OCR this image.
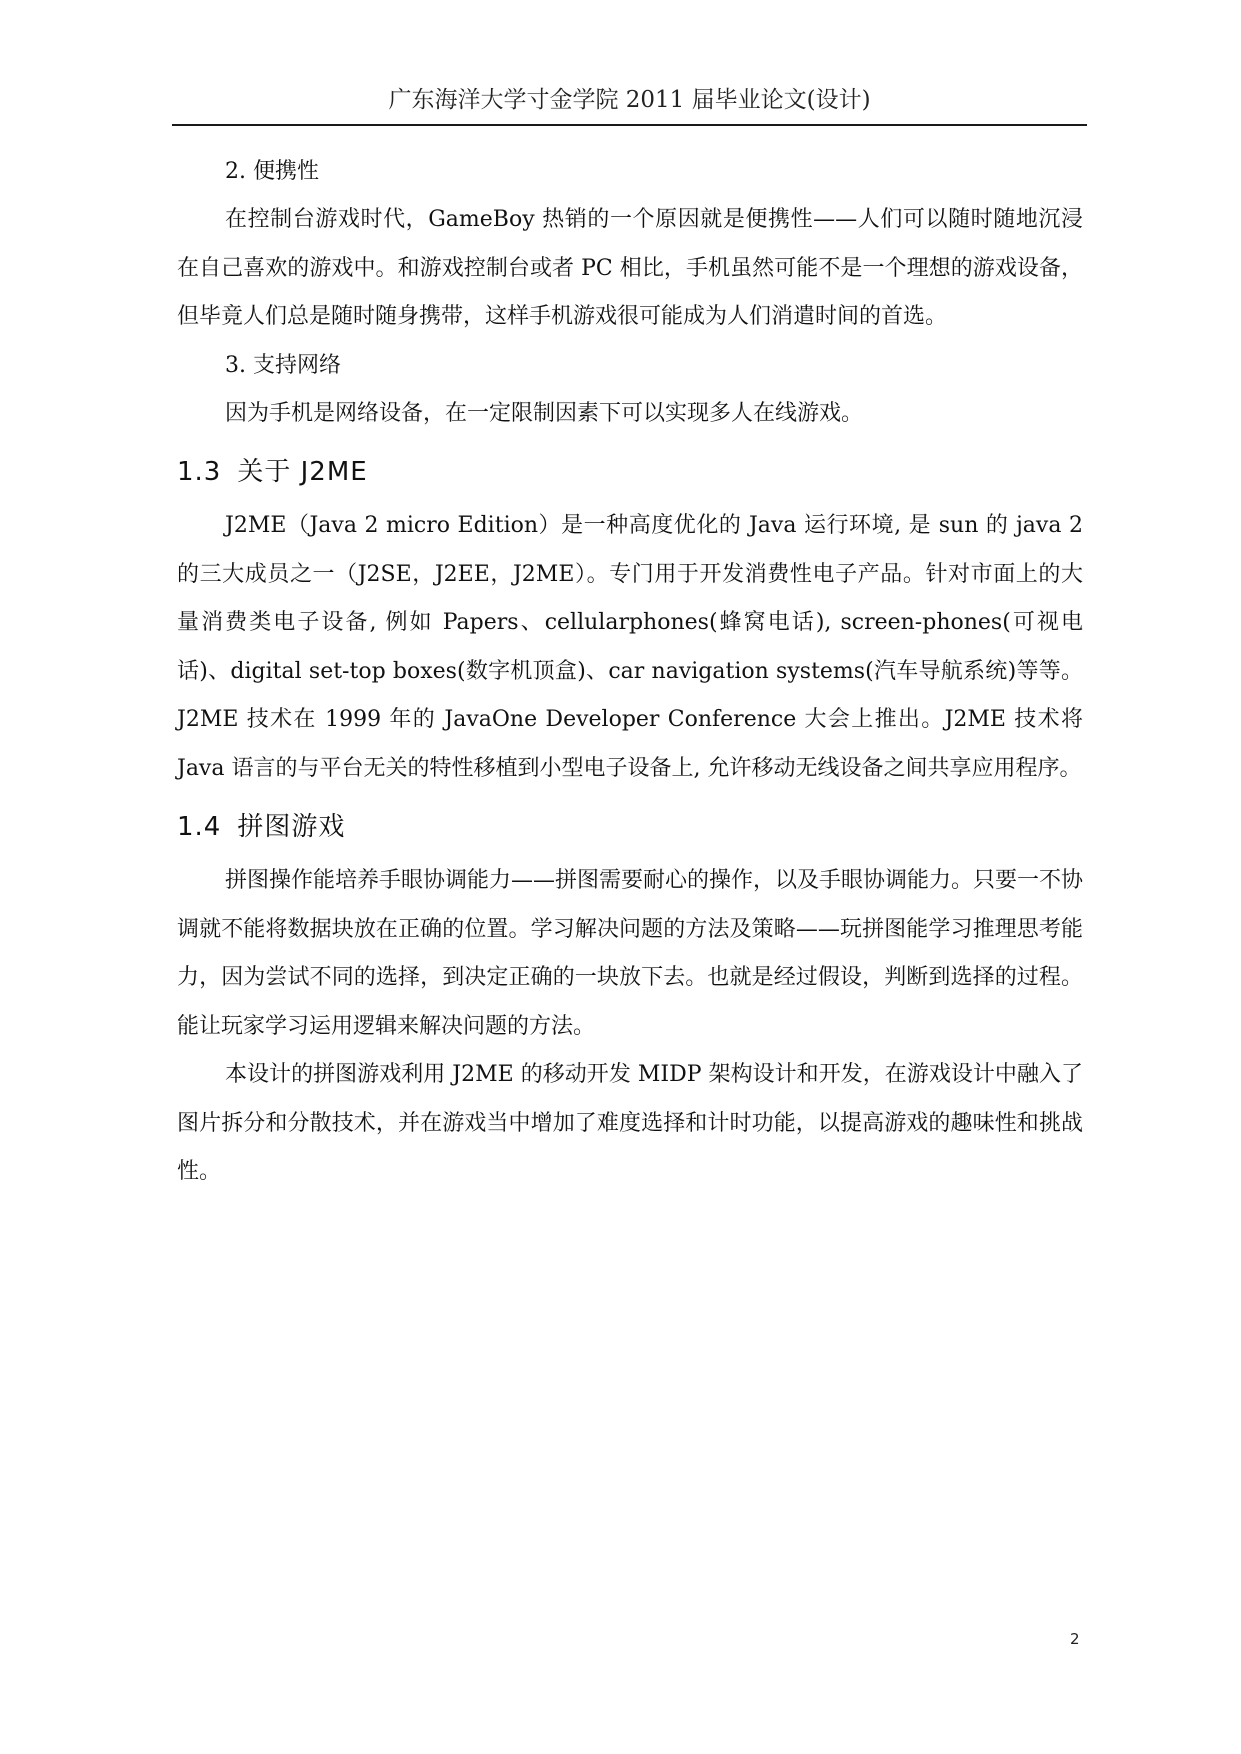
广东海洋大学寸金学院 2011 届毕业论文(设计)

2. 便携性

在控制台游戏时代，GameBoy 热销的一个原因就是便携性——人们可以随时随地沉浸在自己喜欢的游戏中。和游戏控制台或者 PC 相比，手机虽然可能不是一个理想的游戏设备，但毕竟人们总是随时随身携带，这样手机游戏很可能成为人们消遣时间的首选。

3. 支持网络

因为手机是网络设备，在一定限制因素下可以实现多人在线游戏。

1.3 关于 J2ME

J2ME（Java 2 micro Edition）是一种高度优化的 Java 运行环境, 是 sun 的 java 2 的三大成员之一（J2SE，J2EE，J2ME）。专门用于开发消费性电子产品。针对市面上的大量消费类电子设备, 例如 Papers、cellularphones(蜂窝电话), screen-phones(可视电话)、digital set-top boxes(数字机顶盒)、car navigation systems(汽车导航系统)等等。J2ME 技术在 1999 年的 JavaOne Developer Conference 大会上推出。J2ME 技术将 Java 语言的与平台无关的特性移植到小型电子设备上, 允许移动无线设备之间共享应用程序。

1.4 拼图游戏

拼图操作能培养手眼协调能力——拼图需要耐心的操作，以及手眼协调能力。只要一不协调就不能将数据块放在正确的位置。学习解决问题的方法及策略——玩拼图能学习推理思考能力，因为尝试不同的选择，到决定正确的一块放下去。也就是经过假设，判断到选择的过程。能让玩家学习运用逻辑来解决问题的方法。

本设计的拼图游戏利用 J2ME 的移动开发 MIDP 架构设计和开发，在游戏设计中融入了图片拆分和分散技术，并在游戏当中增加了难度选择和计时功能，以提高游戏的趣味性和挑战性。

2
